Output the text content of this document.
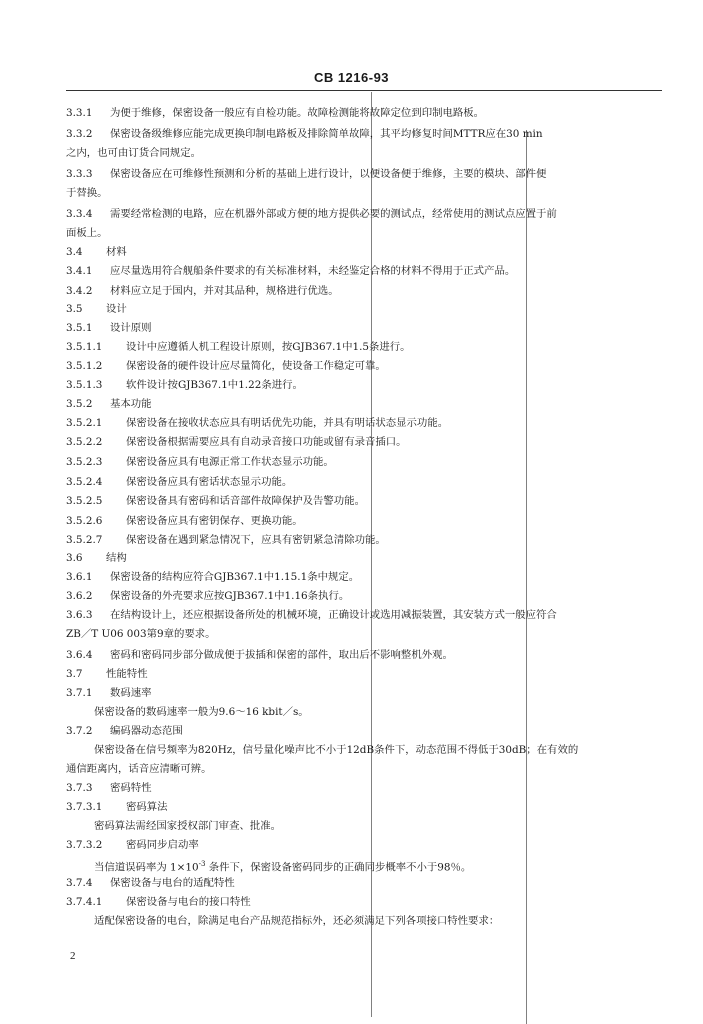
CB 1216-93
3.3.1 为便于维修，保密设备一般应有自检功能。故障检测能将故障定位到印制电路板。
3.3.2 保密设备级维修应能完成更换印制电路板及排除简单故障，其平均修复时间MTTR应在30 min
之内，也可由订货合同规定。
3.3.3 保密设备应在可维修性预测和分析的基础上进行设计，以便设备便于维修，主要的模块、部件便
于替换。
3.3.4 需要经常检测的电路，应在机器外部或方便的地方提供必要的测试点，经常使用的测试点应置于前
面板上。
3.4 材料
3.4.1 应尽量选用符合舰船条件要求的有关标准材料，未经鉴定合格的材料不得用于正式产品。
3.4.2 材料应立足于国内，并对其品种，规格进行优选。
3.5 设计
3.5.1 设计原则
3.5.1.1 设计中应遵循人机工程设计原则，按GJB367.1中1.5条进行。
3.5.1.2 保密设备的硬件设计应尽量简化，使设备工作稳定可靠。
3.5.1.3 软件设计按GJB367.1中1.22条进行。
3.5.2 基本功能
3.5.2.1 保密设备在接收状态应具有明话优先功能，并具有明话状态显示功能。
3.5.2.2 保密设备根据需要应具有自动录音接口功能或留有录音插口。
3.5.2.3 保密设备应具有电源正常工作状态显示功能。
3.5.2.4 保密设备应具有密话状态显示功能。
3.5.2.5 保密设备具有密码和话音部件故障保护及告警功能。
3.5.2.6 保密设备应具有密钥保存、更换功能。
3.5.2.7 保密设备在遇到紧急情况下，应具有密钥紧急清除功能。
3.6 结构
3.6.1 保密设备的结构应符合GJB367.1中1.15.1条中规定。
3.6.2 保密设备的外壳要求应按GJB367.1中1.16条执行。
3.6.3 在结构设计上，还应根据设备所处的机械环境，正确设计或选用减振装置，其安装方式一般应符合
ZB／T U06 003第9章的要求。
3.6.4 密码和密码同步部分做成便于拔插和保密的部件，取出后不影响整机外观。
3.7 性能特性
3.7.1 数码速率
保密设备的数码速率一般为9.6～16 kbit／s。
3.7.2 编码器动态范围
保密设备在信号频率为820Hz，信号量化噪声比不小于12dB条件下，动态范围不得低于30dB；在有效的
通信距离内，话音应清晰可辨。
3.7.3 密码特性
3.7.3.1 密码算法
密码算法需经国家授权部门审查、批准。
3.7.3.2 密码同步启动率
当信道误码率为 $1\times 10^{-3}$ 条件下，保密设备密码同步的正确同步概率不小于98％。
3.7.4 保密设备与电台的适配特性
3.7.4.1 保密设备与电台的接口特性
适配保密设备的电台，除满足电台产品规范指标外，还必须满足下列各项接口特性要求：
2
